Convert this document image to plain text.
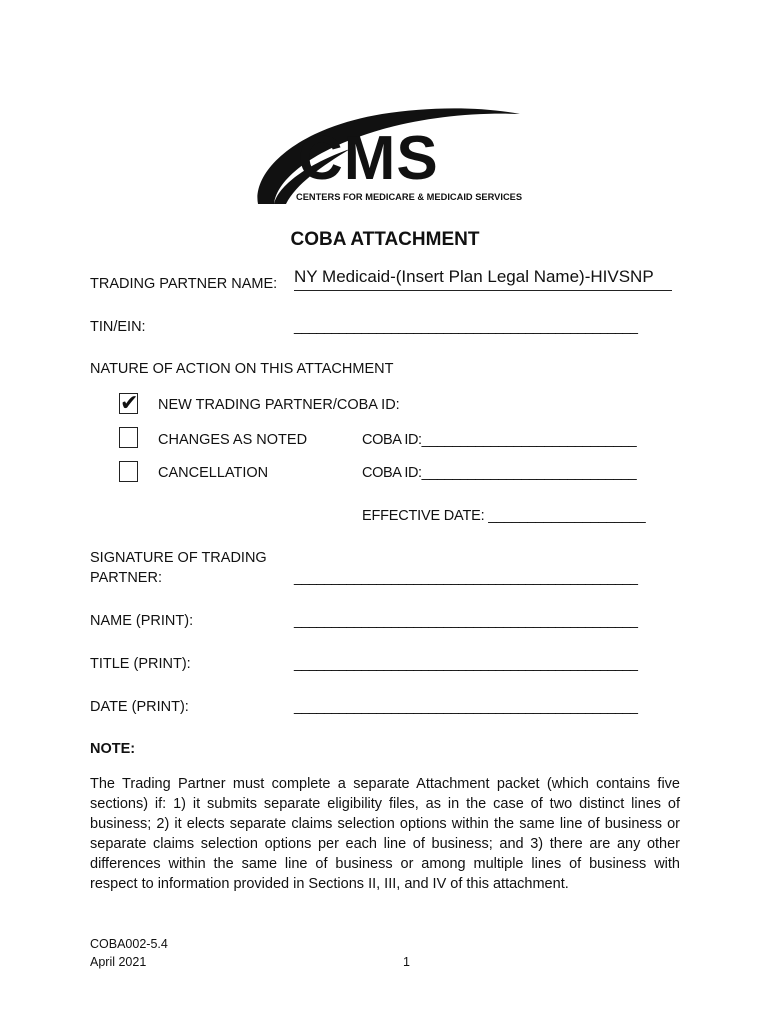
CMS
CENTERS FOR MEDICARE & MEDICAID SERVICES
COBA ATTACHMENT
TRADING PARTNER NAME: NY Medicaid-(Insert Plan Legal Name)-HIVSNP
TIN/EIN:	______________________________________________
NATURE OF ACTION ON THIS ATTACHMENT
✔ NEW TRADING PARTNER/COBA ID:
CHANGES AS NOTED	COBA ID:____________________________
CANCELLATION	COBA ID:____________________________
EFFECTIVE DATE: ____________________
SIGNATURE OF TRADING
PARTNER:	______________________________________________
NAME (PRINT):	______________________________________________
TITLE (PRINT):	______________________________________________
DATE (PRINT):	______________________________________________
NOTE:
The Trading Partner must complete a separate Attachment packet (which contains five sections) if: 1) it submits separate eligibility files, as in the case of two distinct lines of business; 2) it elects separate claims selection options within the same line of business or separate claims selection options per each line of business; and 3) there are any other differences within the same line of business or among multiple lines of business with respect to information provided in Sections II, III, and IV of this attachment.
COBA002-5.4
April 2021	1
